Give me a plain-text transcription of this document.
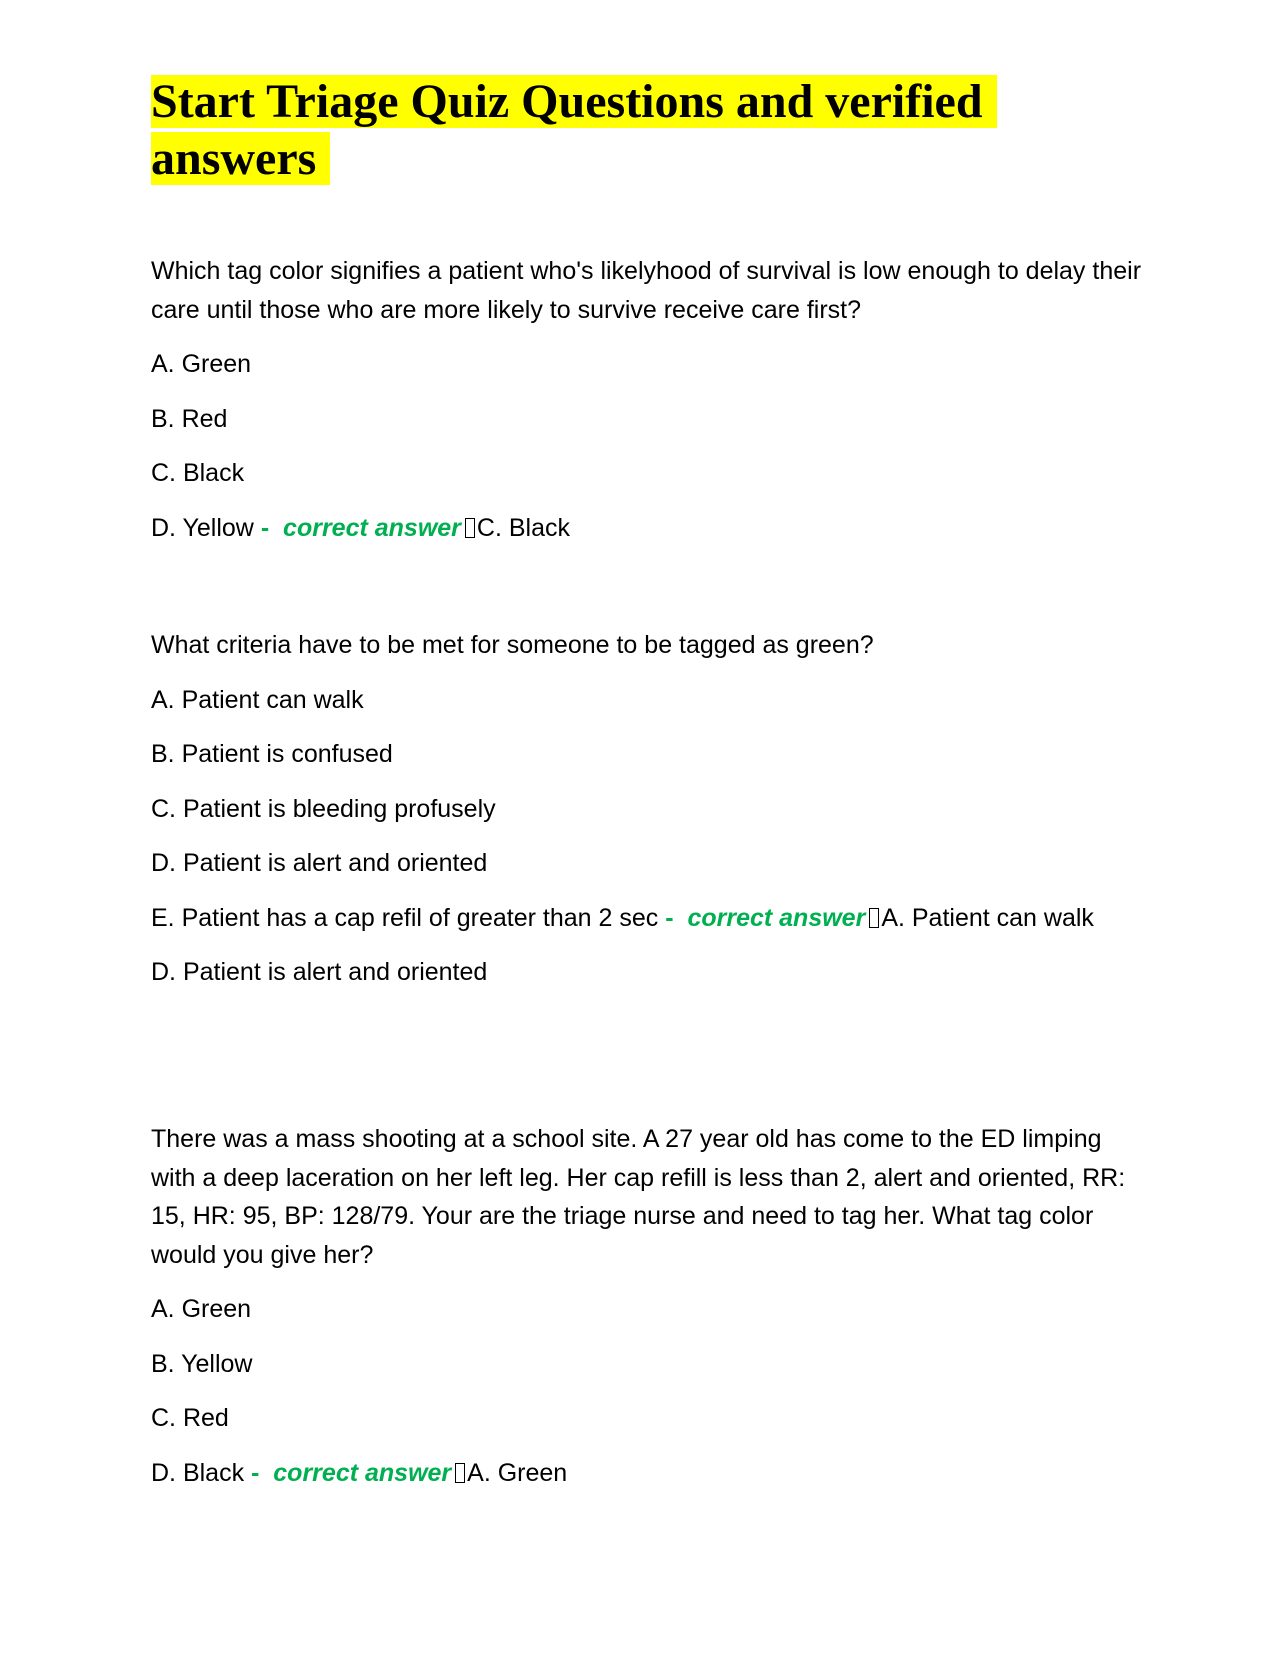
Start Triage Quiz Questions and verified answers

Which tag color signifies a patient who's likelyhood of survival is low enough to delay their care until those who are more likely to survive receive care first?

A. Green

B. Red

C. Black

D. Yellow - correct answer C. Black

What criteria have to be met for someone to be tagged as green?

A. Patient can walk

B. Patient is confused

C. Patient is bleeding profusely

D. Patient is alert and oriented

E. Patient has a cap refil of greater than 2 sec - correct answer A. Patient can walk

D. Patient is alert and oriented

There was a mass shooting at a school site. A 27 year old has come to the ED limping with a deep laceration on her left leg. Her cap refill is less than 2, alert and oriented, RR: 15, HR: 95, BP: 128/79. Your are the triage nurse and need to tag her. What tag color would you give her?

A. Green

B. Yellow

C. Red

D. Black - correct answer A. Green
